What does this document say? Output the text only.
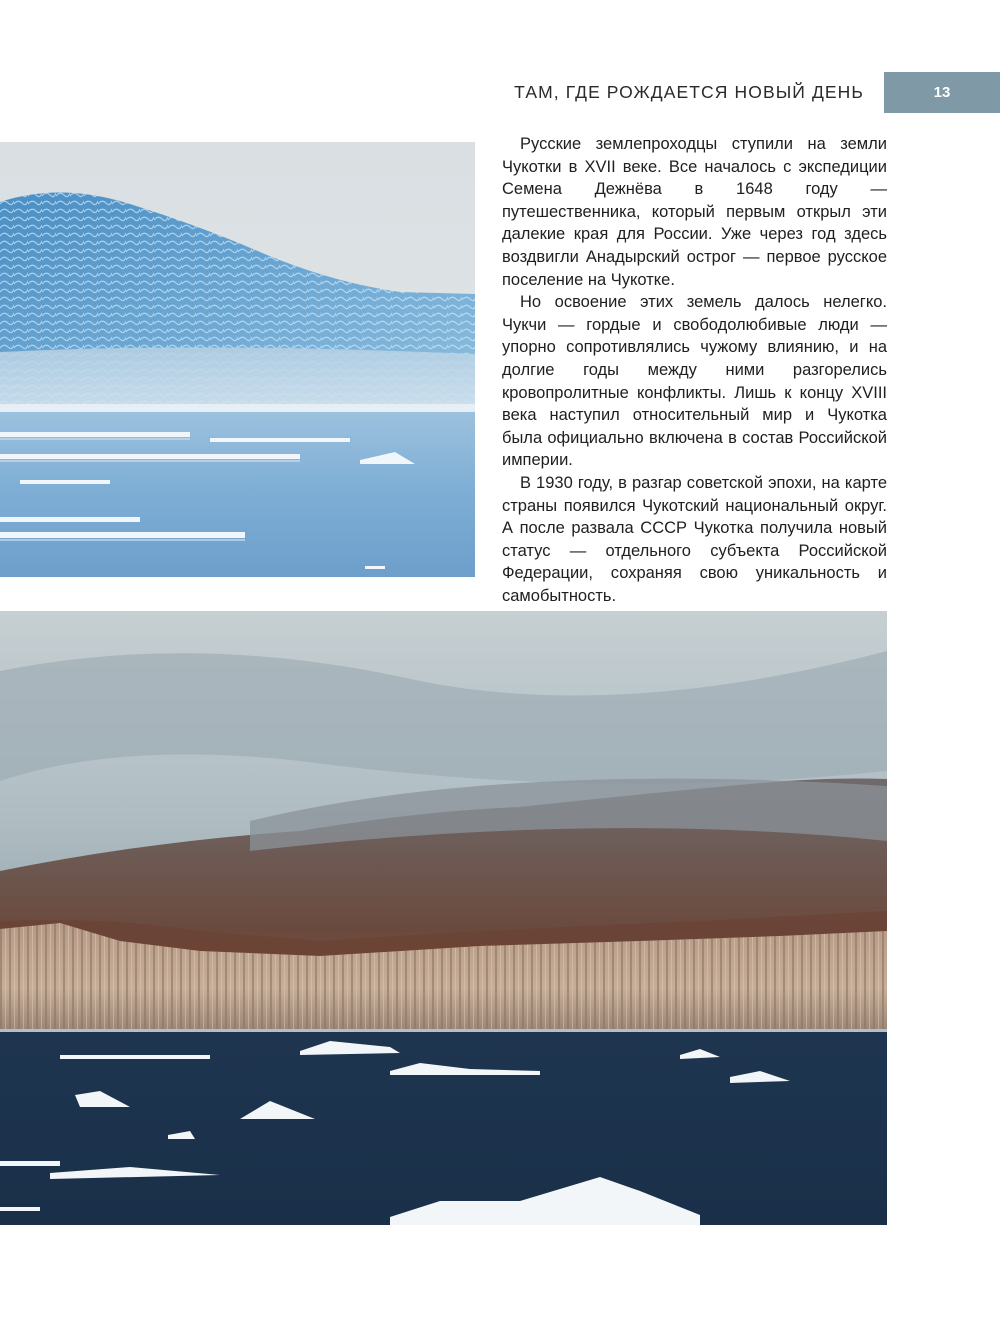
ТАМ, ГДЕ РОЖДАЕТСЯ НОВЫЙ ДЕНЬ	13

Русские землепроходцы ступили на земли Чукотки в XVII веке. Все началось с экспедиции Семена Дежнёва в 1648 году — путешественника, который первым открыл эти далекие края для России. Уже через год здесь воздвигли Анадырский острог — первое русское поселение на Чукотке.

Но освоение этих земель далось нелегко. Чукчи — гордые и свободолюбивые люди — упорно сопротивлялись чужому влиянию, и на долгие годы между ними разгорелись кровопролитные конфликты. Лишь к концу XVIII века наступил относительный мир и Чукотка была официально включена в состав Российской империи.

В 1930 году, в разгар советской эпохи, на карте страны появился Чукотский национальный округ. А после развала СССР Чукотка получила новый статус — отдельного субъекта Российской Федерации, сохраняя свою уникальность и самобытность.
